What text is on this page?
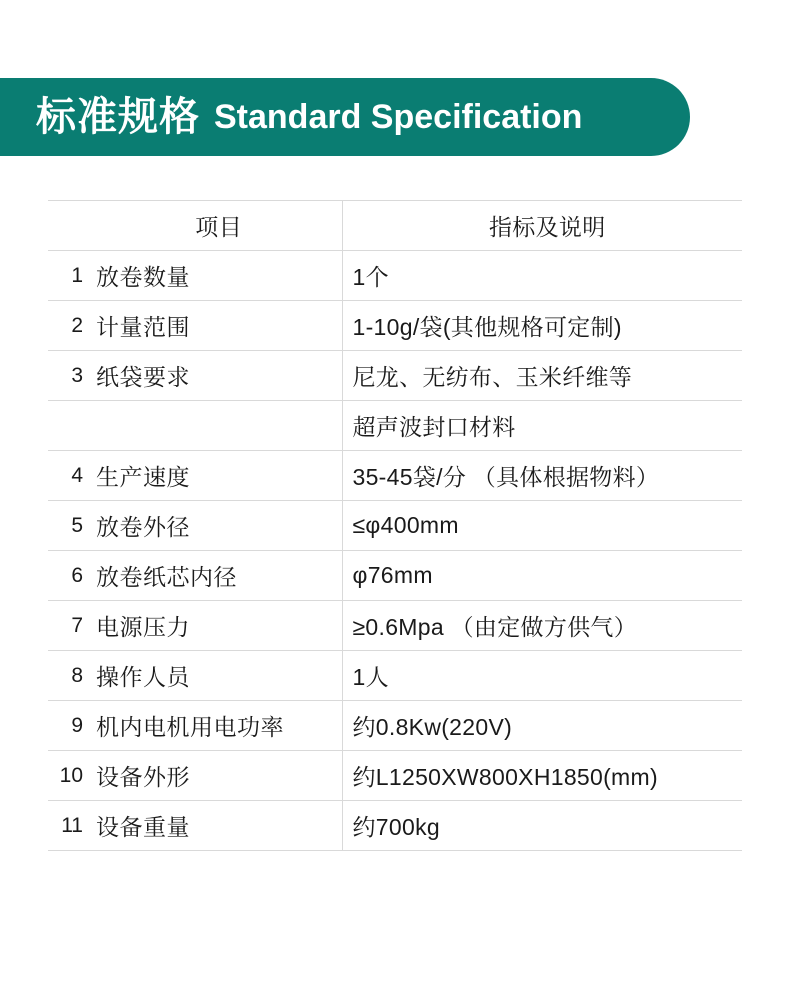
标准规格 Standard Specification
	项目	指标及说明
1	放卷数量	1个
2	计量范围	1-10g/袋(其他规格可定制)
3	纸袋要求	尼龙、无纺布、玉米纤维等
		超声波封口材料
4	生产速度	35-45袋/分 （具体根据物料）
5	放卷外径	≤φ400mm
6	放卷纸芯内径	φ76mm
7	电源压力	≥0.6Mpa （由定做方供气）
8	操作人员	1人
9	机内电机用电功率	约0.8Kw(220V)
10	设备外形	约L1250XW800XH1850(mm)
11	设备重量	约700kg
